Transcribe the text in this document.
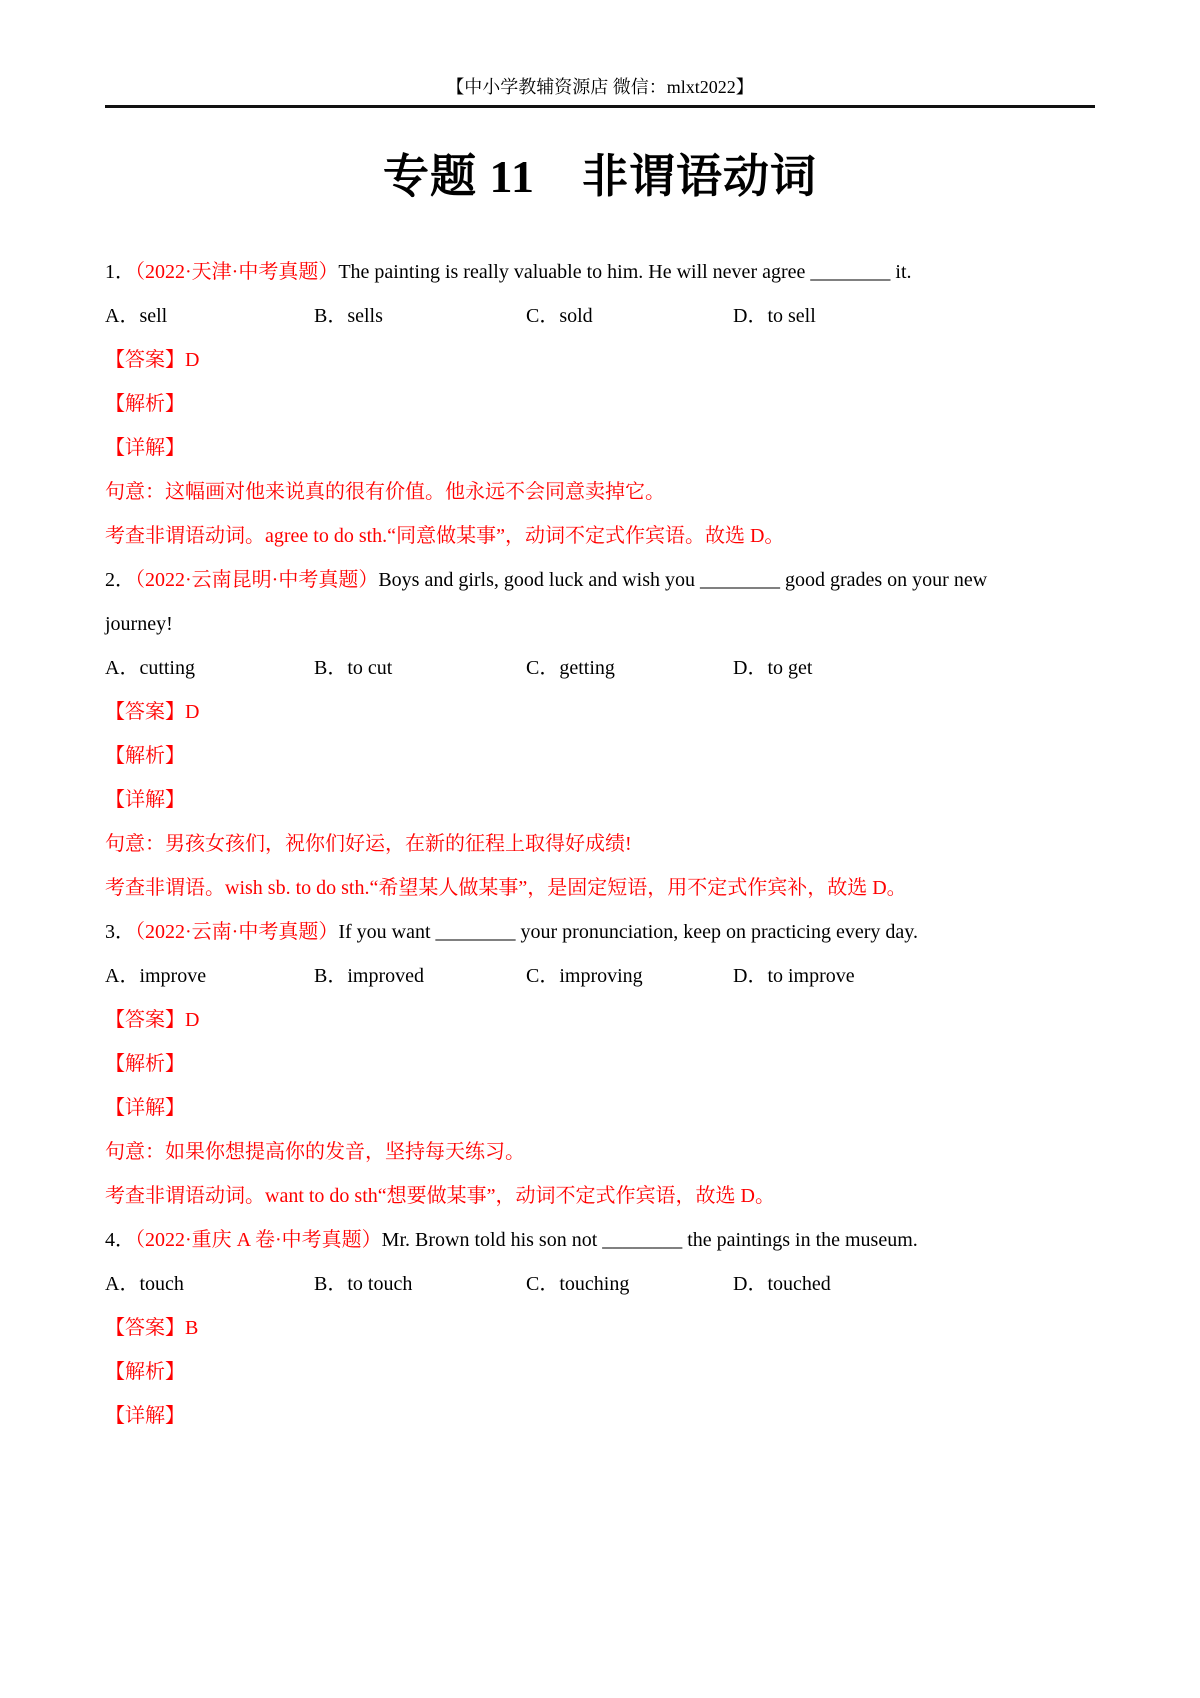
【中小学教辅资源店 微信：mlxt2022】
专题 11　非谓语动词
1．（2022·天津·中考真题）The painting is really valuable to him. He will never agree ________ it.
A．sell	B．sells	C．sold	D．to sell
【答案】D
【解析】
【详解】
句意：这幅画对他来说真的很有价值。他永远不会同意卖掉它。
考查非谓语动词。agree to do sth.“同意做某事”，动词不定式作宾语。故选 D。
2．（2022·云南昆明·中考真题）Boys and girls, good luck and wish you ________ good grades on your new
journey!
A．cutting	B．to cut	C．getting	D．to get
【答案】D
【解析】
【详解】
句意：男孩女孩们，祝你们好运，在新的征程上取得好成绩!
考查非谓语。wish sb. to do sth.“希望某人做某事”，是固定短语，用不定式作宾补，故选 D。
3．（2022·云南·中考真题）If you want ________ your pronunciation, keep on practicing every day.
A．improve	B．improved	C．improving	D．to improve
【答案】D
【解析】
【详解】
句意：如果你想提高你的发音，坚持每天练习。
考查非谓语动词。want to do sth“想要做某事”，动词不定式作宾语，故选 D。
4．（2022·重庆 A 卷·中考真题）Mr. Brown told his son not ________ the paintings in the museum.
A．touch	B．to touch	C．touching	D．touched
【答案】B
【解析】
【详解】
